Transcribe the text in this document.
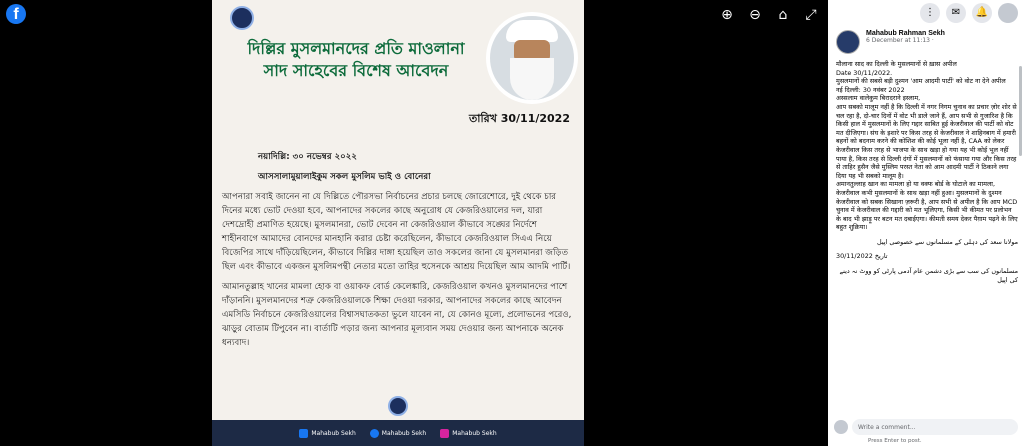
f	⊕ ⊖	⌂	⤢
দিল্লির মুসলমানদের প্রতি মাওলানা
সাদ সাহেবের বিশেষ আবেদন
তারিখ 30/11/2022

নয়াদিল্লি: ৩০ নভেম্বর ২০২২

আসসালামুয়ালাইকুম সকল মুসলিম ভাই ও বোনেরা

আপনারা সবাই জানেন না যে দিল্লিতে পৌরসভা নির্বাচনের প্রচার চলছে জোরেশোরে, দুই থেকে চার দিনের মধ্যে ভোট দেওয়া হবে, আপনাদের সকলের কাছে অনুরোধ যে কেজরিওয়ালের দল, যারা দেশদ্রোহী প্রমাণিত হয়েছে। মুসলমানরা, ভোট দেবেন না কেজরিওয়াল কীভাবে সঙ্ঘের নির্দেশে শাহীনবাগে আমাদের বোনদের মানহানি করার চেষ্টা করেছিলেন, কীভাবে কেজরিওয়াল সিএএ নিয়ে বিজেপির সাথে দাঁড়িয়েছিলেন, কীভাবে দিল্লির দাঙ্গা হয়েছিল তাও সকলের জানা যে মুসলমানরা জড়িত ছিল এবং কীভাবে একজন মুসলিমপন্থী নেতার মতো তাহির হুসেনকে আশ্রয় দিয়েছিল আম আদমি পার্টি।

আমানতুল্লাহ খানের মামলা হোক বা ওয়াকফ বোর্ড কেলেঙ্কারি, কেজরিওয়াল কখনও মুসলমানদের পাশে দাঁড়াননি। মুসলমানদের শত্রু কেজরিওয়ালকে শিক্ষা দেওয়া দরকার, আপনাদের সকলের কাছে আবেদন এমসিডি নির্বাচনে কেজরিওয়ালের বিশ্বাসঘাতকতা ভুলে যাবেন না, যে কোনও মূল্যে, প্রলোভনের পরেও, ঝাড়ুর বোতাম টিপুবেন না। বার্তাটি পড়ার জন্য আপনার মূল্যবান সময় দেওয়ার জন্য আপনাকে অনেক ধন্যবাদ।

Mahabub Sekh	Mahabub Sekh	Mahabub Sekh
⋮	✉	🔔
Mahabub Rahman Sekh
6 December at 11:13 ·
मौलाना साद का दिल्ली के मुसलमानों से ख़ास अपील
Date 30/11/2022.
मुसलमानों की सबसे बड़ी दुश्मन 'आम आदमी पार्टी' को वोट ना देने अपील
नई दिल्ली: 30 नवंबर 2022
अस्सलाम वालेकुम बिरादराने इस्लाम,
आप सबको मालूम नहीं है कि दिल्ली में नगर निगम चुनाव का प्रचार ज़ोर शोर से चल रहा है, दो-चार दिनों में वोट भी डाले जाने हैं, आप सभी से गुजारिश है कि किसी हाल में मुसलमानों के लिए गद्दार साबित हुई केजरीवाल की पार्टी को वोट मत दीजिएगा। संघ के इशारे पर किस तरह से केजरीवाल ने शाहिनबाग में हमारी बहनों को बदनाम करने की कोशिश की कोई भूला नहीं है, CAA को लेकर केजरीवाल किस तरह से भाजपा के साथ खड़ा हो गया यह भी कोई भूल नहीं पाया है, किस तरह से दिल्ली दंगों में मुसलमानों को फंसाया गया और किस तरह से ताहिर हुसैन जैसे मुस्लिम परस्त नेता को आम आदमी पार्टी ने ठिकाने लगा दिया यह भी सबको मालूम है।
अमानतुल्लाह खान का मामला हो या वक्फ बोर्ड के घोटाले का मामला, केजरीवाल कभी मुसलमानों के साथ खड़ा नहीं हुआ। मुसलमानों के दुश्मन केजरीवाल को सबक सिखाना ज़रूरी है, आप सभी से अपील है कि आप MCD चुनाव में केजरीवाल की गद्दारी को मत भूलिएगा, किसी भी कीमत पर प्रलोभन के बाद भी झाड़ू पर बटन मत दबाईएगा। कीमती समय देकर पैग़ाम पढ़ने के लिए बहुत शुक्रिया।
مولانا سعد کی دہلی کے مسلمانوں سے خصوصی اپیل
تاریخ 30/11/2022
مسلمانوں کی سب سے بڑی دشمن عام آدمی پارٹی کو ووٹ نہ دینے کی اپیل
Write a comment...
Press Enter to post.
